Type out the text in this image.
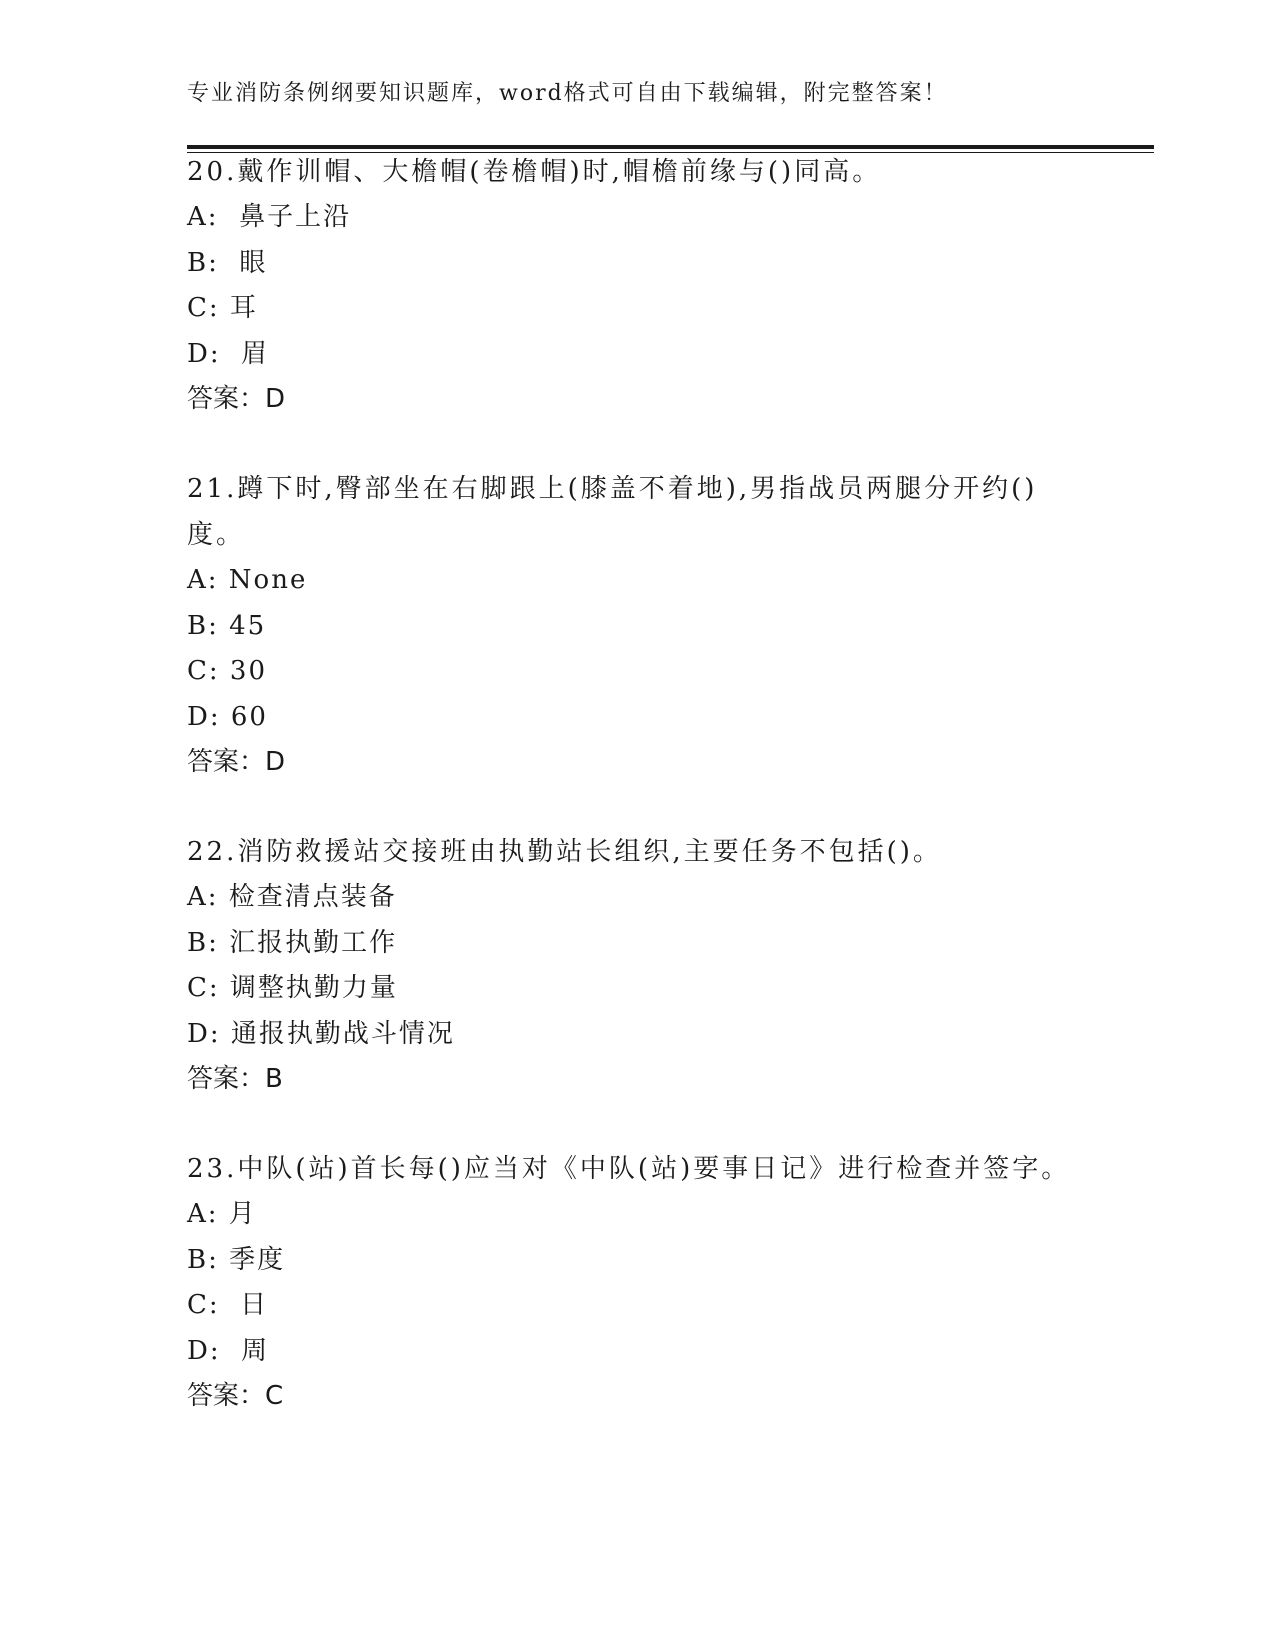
专业消防条例纲要知识题库，word格式可自由下载编辑，附完整答案！

20.戴作训帽、大檐帽(卷檐帽)时,帽檐前缘与()同高。

A:  鼻子上沿
B:  眼
C: 耳
D:  眉
答案：D

21.蹲下时,臀部坐在右脚跟上(膝盖不着地),男指战员两腿分开约()度。

A: None
B: 45
C: 30
D: 60
答案：D

22.消防救援站交接班由执勤站长组织,主要任务不包括()。

A: 检查清点装备
B: 汇报执勤工作
C: 调整执勤力量
D: 通报执勤战斗情况
答案：B

23.中队(站)首长每()应当对《中队(站)要事日记》进行检查并签字。

A: 月
B: 季度
C:  日
D:  周
答案：C
